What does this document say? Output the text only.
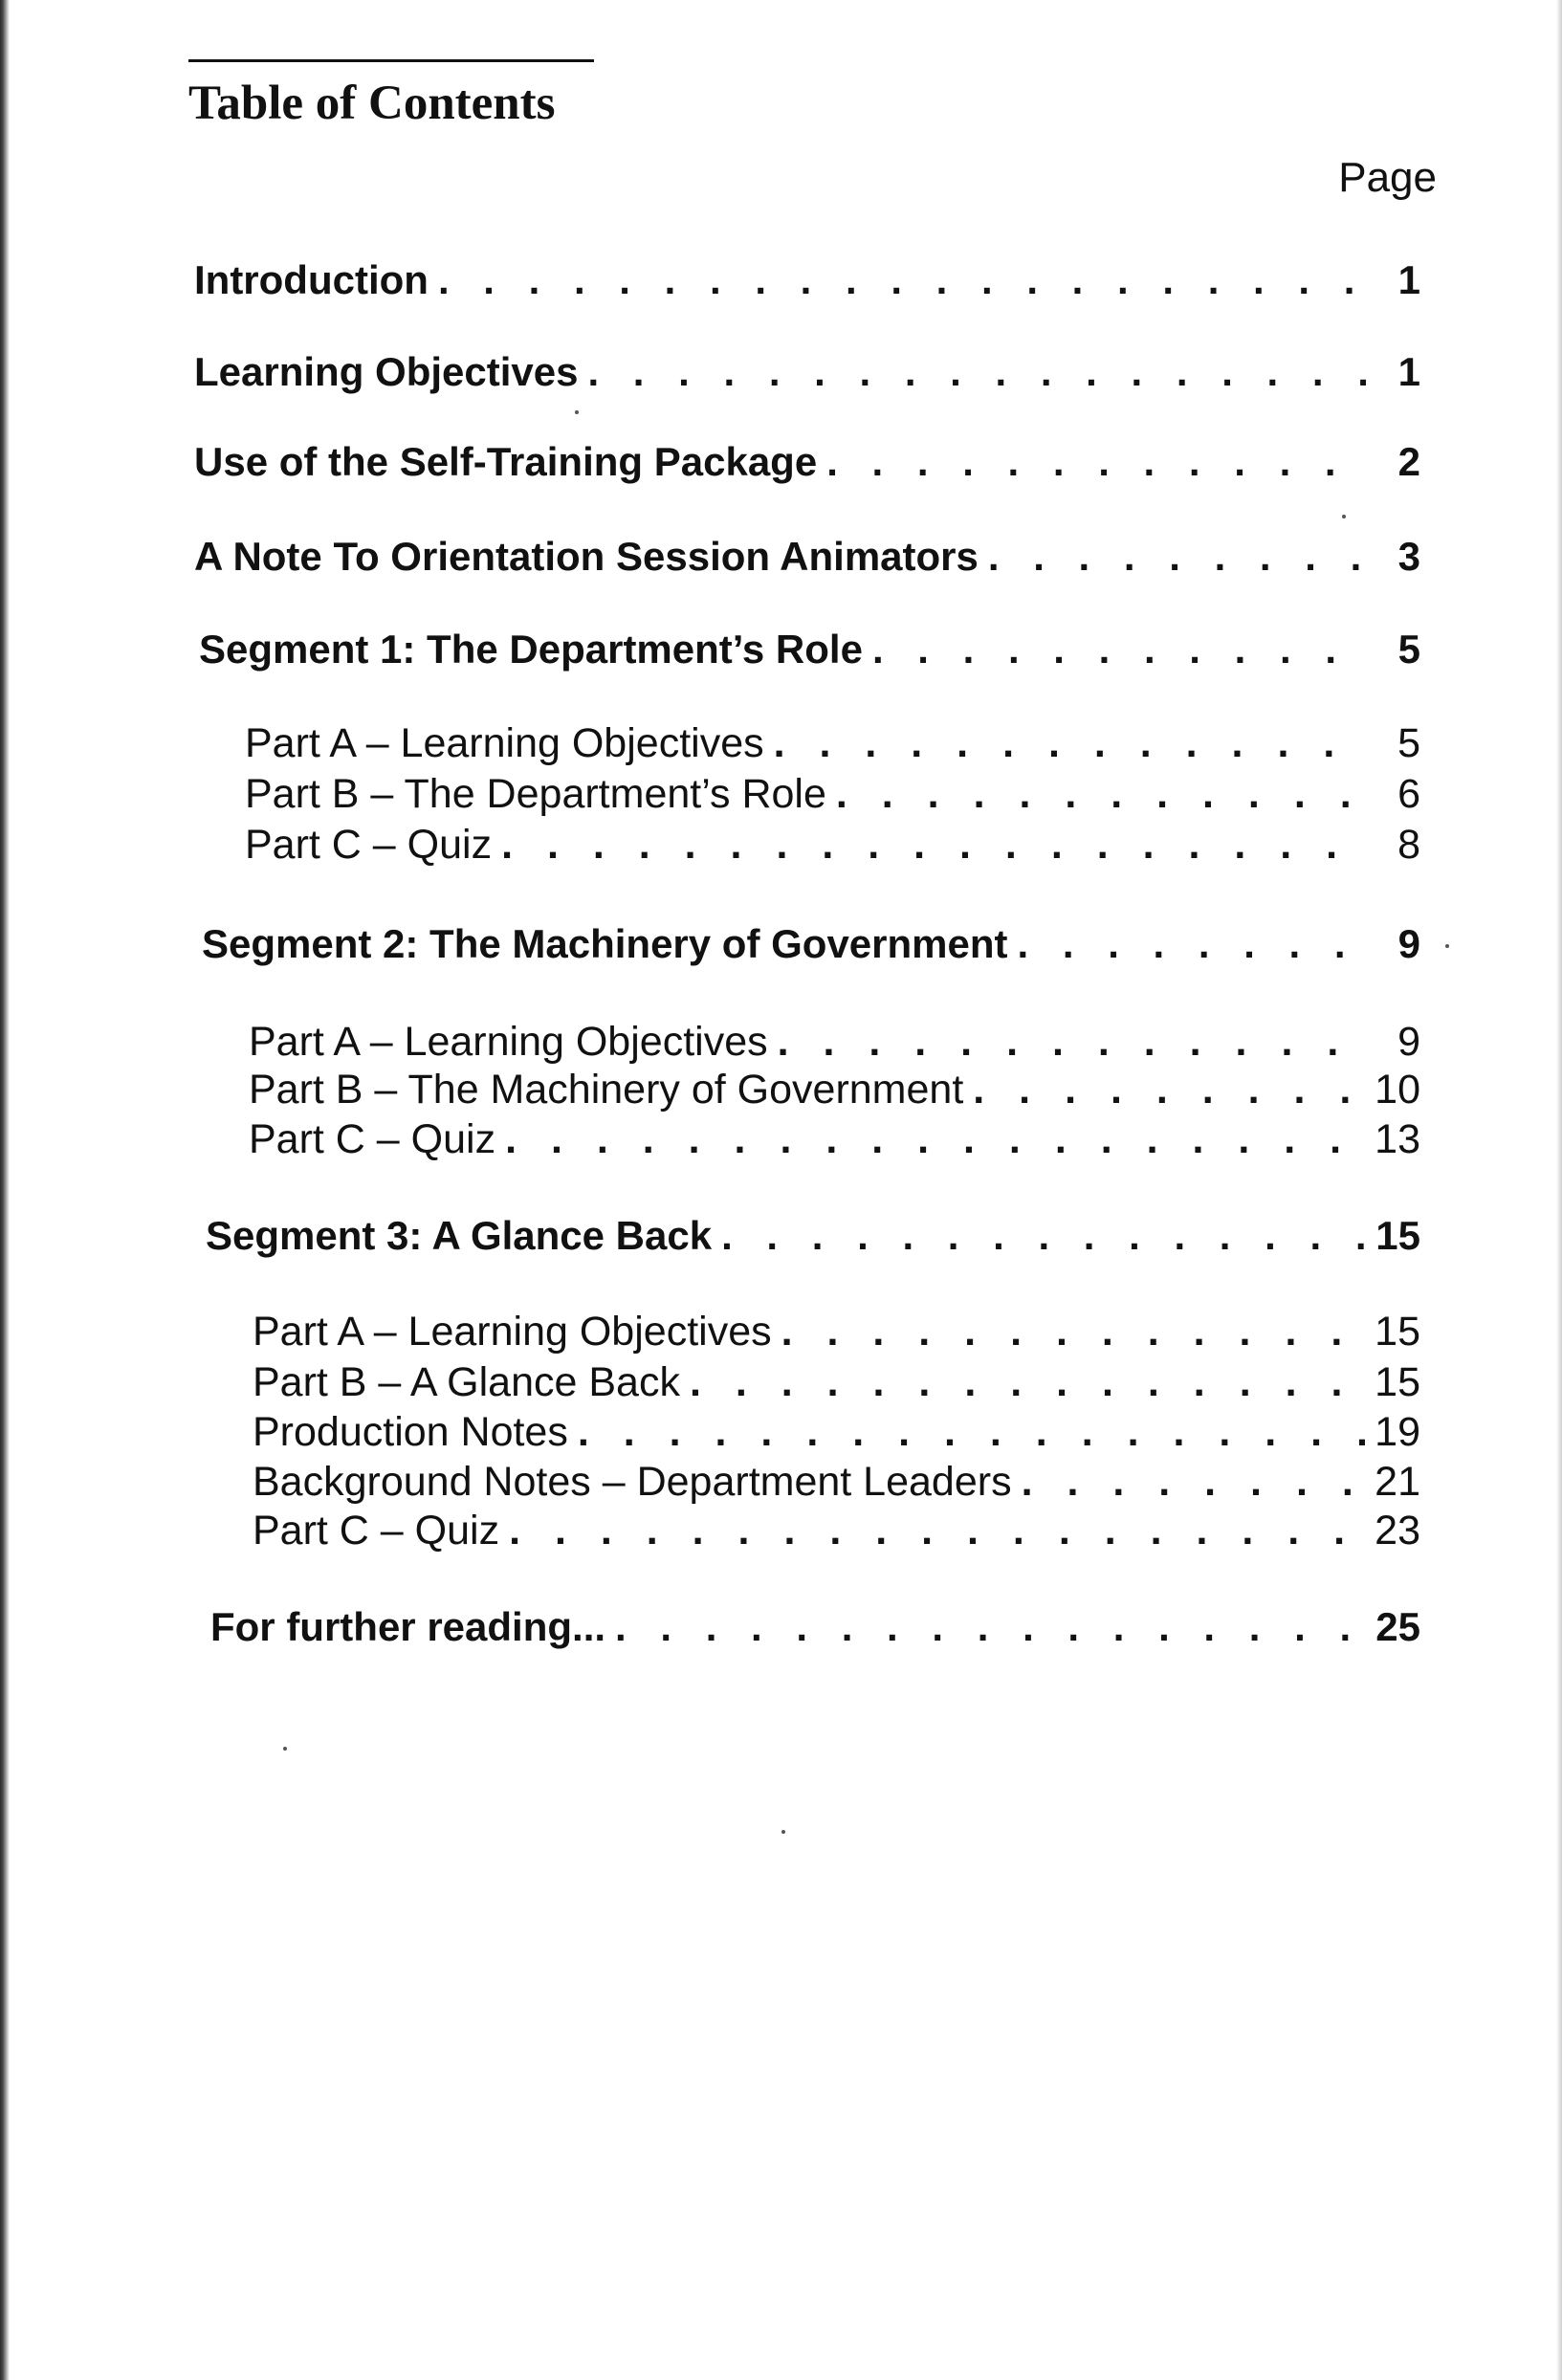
Table of Contents
Page
Introduction . . .	1
Learning Objectives . . .	1
Use of the Self-Training Package . . .	2
A Note To Orientation Session Animators . . .	3
Segment 1: The Department’s Role . . .	5
Part A – Learning Objectives . . .	5
Part B – The Department’s Role . . .	6
Part C – Quiz . . .	8
Segment 2: The Machinery of Government . . .	9
Part A – Learning Objectives . . .	9
Part B – The Machinery of Government . . .	10
Part C – Quiz . . .	13
Segment 3: A Glance Back . . .	15
Part A – Learning Objectives . . .	15
Part B – A Glance Back . . .	15
Production Notes . . .	19
Background Notes – Department Leaders . . .	21
Part C – Quiz . . .	23
For further reading... . . .	25
